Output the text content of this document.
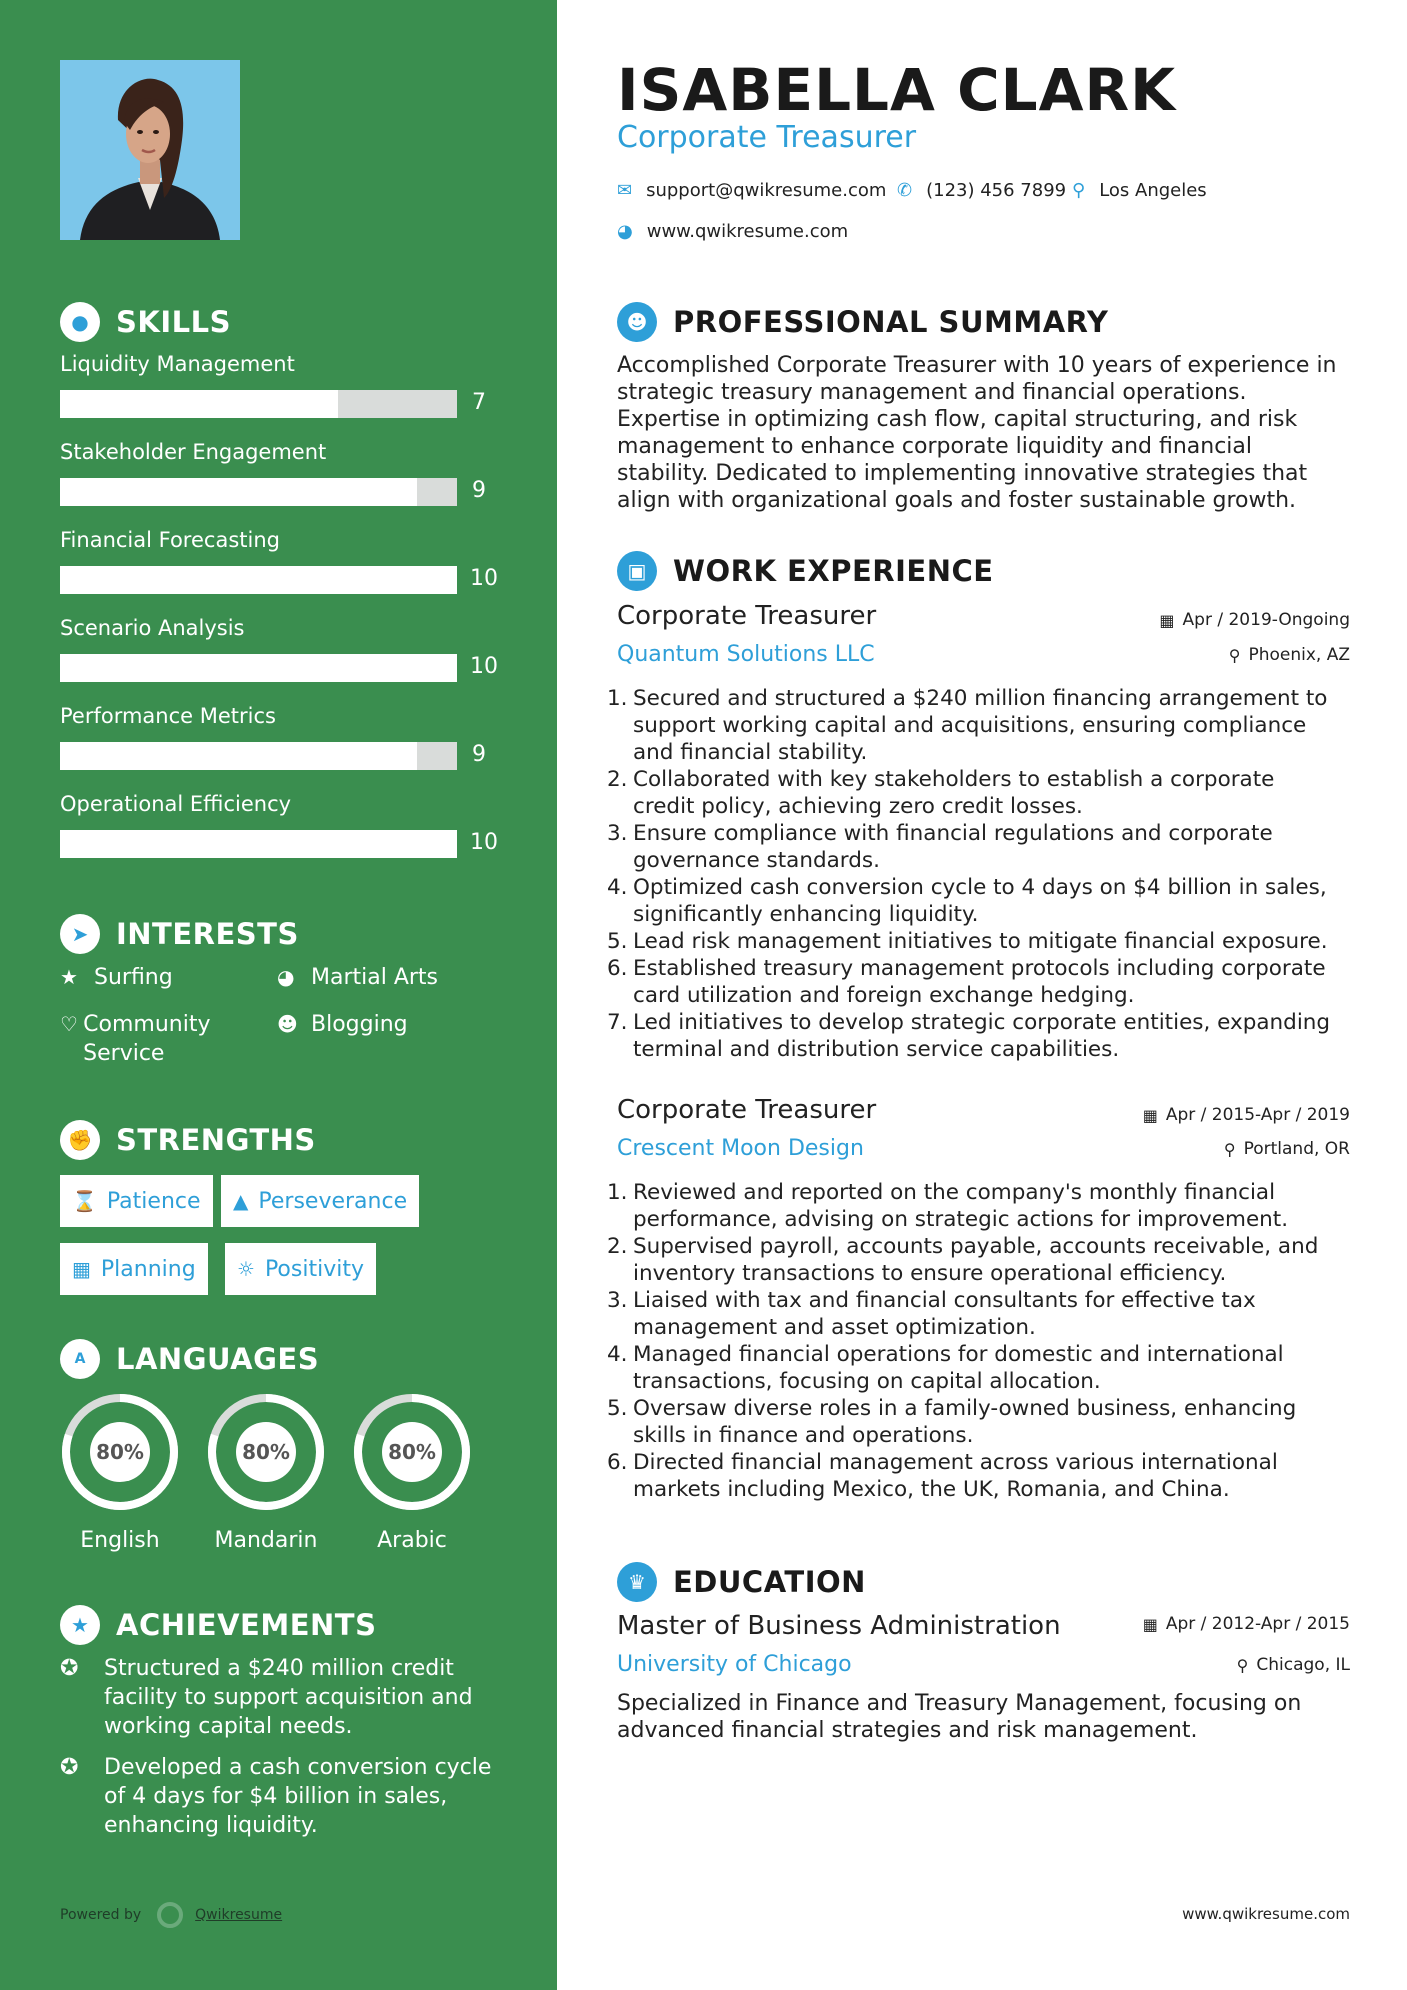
● SKILLS
Liquidity Management
7
Stakeholder Engagement
9
Financial Forecasting
10
Scenario Analysis
10
Performance Metrics
9
Operational Efficiency
10
➤ INTERESTS
★ Surfing	◕ Martial Arts
♡ Community Service
☻ Blogging
✊ STRENGTHS
⌛ Patience ▲ Perseverance
▦ Planning ☼ Positivity
A	LANGUAGES
80%
English
80%
Mandarin
80%
Arabic
★ ACHIEVEMENTS
✪	Structured a $240 million credit facility to support acquisition and working capital needs.
✪	Developed a cash conversion cycle of 4 days for $4 billion in sales, enhancing liquidity.
Powered by	Qwikresume
ISABELLA CLARK
Corporate Treasurer
✉ support@qwikresume.com ✆ (123) 456 7899 ⚲ Los Angeles
◕ www.qwikresume.com
☻ PROFESSIONAL SUMMARY
Accomplished Corporate Treasurer with 10 years of experience in strategic treasury management and financial operations. Expertise in optimizing cash flow, capital structuring, and risk management to enhance corporate liquidity and financial stability. Dedicated to implementing innovative strategies that align with organizational goals and foster sustainable growth.
▣ WORK EXPERIENCE
Corporate Treasurer	▦ Apr / 2019-Ongoing
Quantum Solutions LLC	⚲ Phoenix, AZ
1. Secured and structured a $240 million financing arrangement to support working capital and acquisitions, ensuring compliance and financial stability.
2. Collaborated with key stakeholders to establish a corporate credit policy, achieving zero credit losses.
3. Ensure compliance with financial regulations and corporate governance standards.
4. Optimized cash conversion cycle to 4 days on $4 billion in sales, significantly enhancing liquidity.
5. Lead risk management initiatives to mitigate financial exposure.
6. Established treasury management protocols including corporate card utilization and foreign exchange hedging.
7. Led initiatives to develop strategic corporate entities, expanding terminal and distribution service capabilities.
Corporate Treasurer	▦ Apr / 2015-Apr / 2019
Crescent Moon Design	⚲ Portland, OR
1. Reviewed and reported on the company's monthly financial performance, advising on strategic actions for improvement.
2. Supervised payroll, accounts payable, accounts receivable, and inventory transactions to ensure operational efficiency.
3. Liaised with tax and financial consultants for effective tax management and asset optimization.
4. Managed financial operations for domestic and international transactions, focusing on capital allocation.
5. Oversaw diverse roles in a family-owned business, enhancing skills in finance and operations.
6. Directed financial management across various international markets including Mexico, the UK, Romania, and China.
♛ EDUCATION
Master of Business Administration	▦ Apr / 2012-Apr / 2015
University of Chicago	⚲ Chicago, IL
Specialized in Finance and Treasury Management, focusing on advanced financial strategies and risk management.
www.qwikresume.com
